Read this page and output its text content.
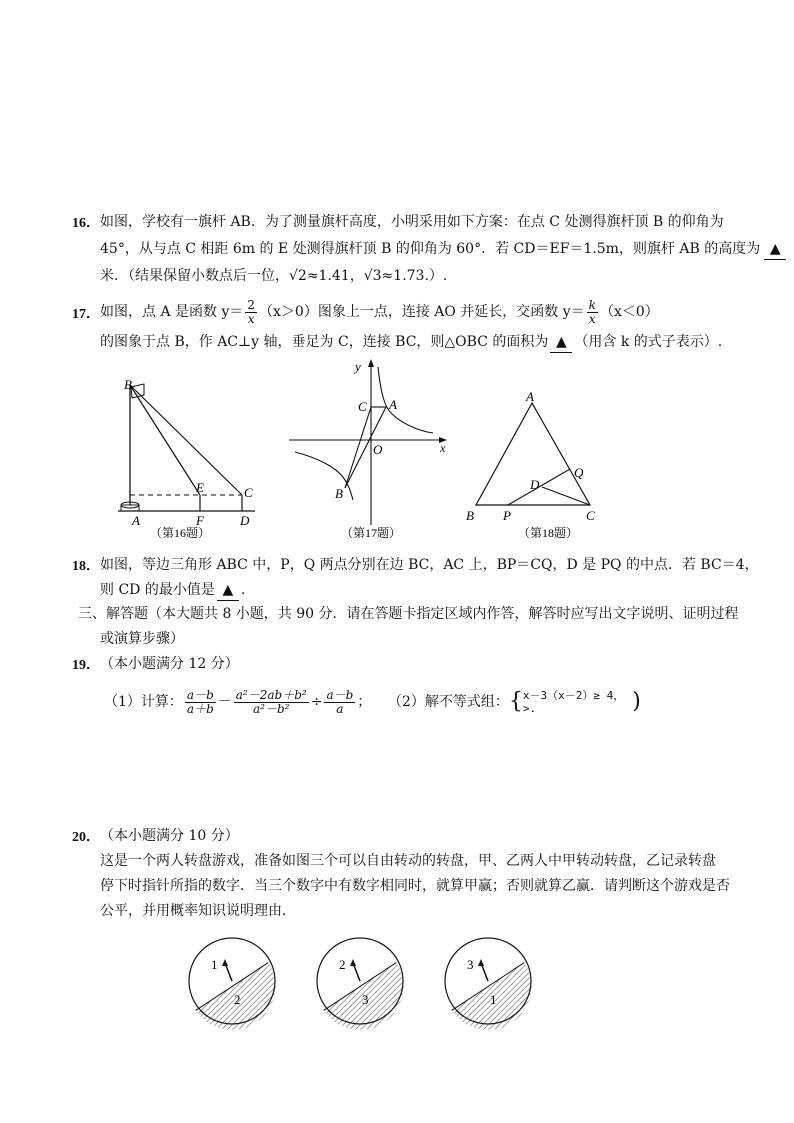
16． 如图，学校有一旗杆 AB．为了测量旗杆高度，小明采用如下方案：在点 C 处测得旗杆顶 B 的仰角为
45°，从与点 C 相距 6m 的 E 处测得旗杆顶 B 的仰角为 60°．若 CD＝EF＝1.5m，则旗杆 AB 的高度为 ▲
米．（结果保留小数点后一位，√2≈1.41，√3≈1.73.）.
17． 如图，点 A 是函数 $y= \frac{2}{x} (x>0)$图象上一点，连接 AO 并延长，交函数 $y= \frac{k}{x} (x<0)$
的图象于点 B，作 AC⊥y 轴，垂足为 C，连接 BC，则△OBC 的面积为 ▲ （用含 k 的式子表示）.
B
E	C
A	F	D
（第16题）
y
x
C A
O
B
（第17题）
A
Q
D
B P	C
（第18题）
18． 如图，等边三角形 ABC 中，P，Q 两点分别在边 BC，AC 上，BP＝CQ，D 是 PQ 的中点．若 BC＝4，
则 CD 的最小值是 ▲ .
三、解答题（本大题共 8 小题，共 90 分．请在答题卡指定区域内作答，解答时应写出文字说明、证明过程
或演算步骤）
19． （本小题满分 12 分）
（1）计算： $\frac{a-b}{a+b} - \frac{\text{a²－2ab＋b²}}{\text{a²－b²}} \div \frac{a-b}{a}$ ； （2）解不等式组：{ x－3（x－2）≥ 4，
>.	)
20． （本小题满分 10 分）
这是一个两人转盘游戏，准备如图三个可以自由转动的转盘，甲、乙两人中甲转动转盘，乙记录转盘
停下时指针所指的数字．当三个数字中有数字相同时，就算甲赢；否则就算乙赢．请判断这个游戏是否
公平，并用概率知识说明理由．
1
2
2
3
3
1
